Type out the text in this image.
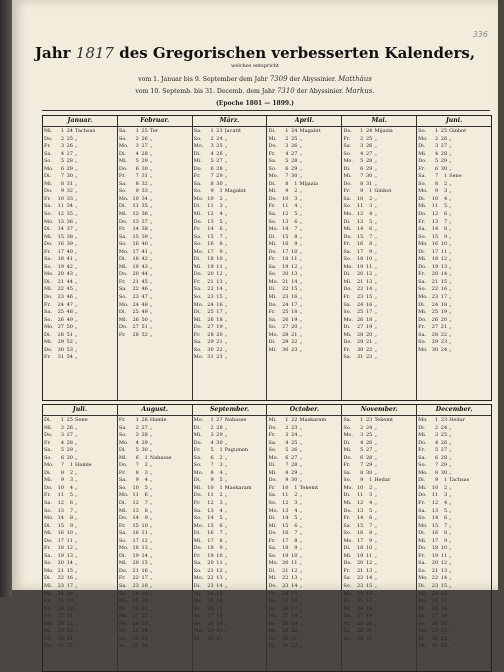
336
Jahr 1817 des Gregorischen verbesserten Kalenders,
welches entspricht
vom 1. Januar bis 9. September dem Jahr 7309 der Abyssinier. Matthäus
vom 10. Septemb. bis 31. Decemb. dem Jahr 7310 der Abyssinier. Markus.
(Epoche 1801 — 1899.)
Januar.
Mi.	1 24 Tachsas
Do.	2 25 „
Fr.	3 26 „
Sa.	4 27 „
So.	5 28 „
Mo.	6 29 „
Di.	7 30 „
Mi.	8 31 „
Do.	9 32 „
Fr.	10 33 „
Sa.	11 34 „
So.	12 35 „
Mo. 13 36 „
Di.	14 37 „
Mi.	15 38 „
Do.	16 39 „
Fr.	17 40 „
Sa.	18 41 „
So.	19 42 „
Mo. 20 43 „
Di.	21 44 „
Mi.	22 45 „
Do.	23 46 „
Fr.	24 47 „
Sa.	25 48 „
So.	26 49 „
Mo. 27 50 „
Di.	28 51 „
Mi.	29 52 „
Do.	30 53 „
Fr.	31 54 „
Februar.
Sa.	1 25 Ter
So.	2 26 „
Mo.	3 27 „
Di.	4 28 „
Mi.	5 29 „
Do.	6 30 „
Fr.	7 31 „
Sa.	8 32 „
So.	9 33 „
Mo. 10 34 „
Di.	11 35 „
Mi.	12 36 „
Do.	13 37 „
Fr.	14 38 „
Sa.	15 39 „
So.	16 40 „
Mo. 17 41 „
Di.	18 42 „
Mi.	19 43 „
Do.	20 44 „
Fr.	21 45 „
Sa.	22 46 „
So.	23 47 „
Mo. 24 48 „
Di.	25 49 „
Mi.	26 50 „
Do.	27 51 „
Fr.	28 52 „
März.
Sa.	1 23 Jacatit
So.	2 24 „
Mo.	3 25 „
Di.	4 26 „
Mi.	5 27 „
Do.	6 28 „
Fr.	7 29 „
Sa.	8 30 „
So.	9	1 Magabit
Mo. 10	2 „
Di.	11	3 „
Mi.	12	4 „
Do.	13	5 „
Fr.	14	6 „
Sa.	15	7 „
So.	16	8 „
Mo. 17	9 „
Di.	18 10 „
Mi.	19 11 „
Do.	20 12 „
Fr.	21 13 „
Sa.	22 14 „
So.	23 15 „
Mo. 24 16 „
Di.	25 17 „
Mi.	26 18 „
Do.	27 19 „
Fr.	28 20 „
Sa.	29 21 „
So.	30 22 „
Mo. 31 23 „
April.
Di.	1 24 Magabit
Mi.	2 25 „
Do.	3 26 „
Fr.	4 27 „
Sa.	5 28 „
So.	6 29 „
Mo.	7 30 „
Di.	8	1 Mijazia
Mi.	9	2 „
Do.	10	3 „
Fr.	11	4 „
Sa.	12	5 „
So.	13	6 „
Mo. 14	7 „
Di.	15	8 „
Mi.	16	9 „
Do.	17 10 „
Fr.	18 11 „
Sa.	19 12 „
So.	20 13 „
Mo. 21 14 „
Di.	22 15 „
Mi.	23 16 „
Do.	24 17 „
Fr.	25 18 „
Sa.	26 19 „
So.	27 20 „
Mo. 28 21 „
Di.	29 22 „
Mi.	30 23 „
Mai.
Do.	1 24 Mijazia
Fr.	2 25 „
Sa.	3 26 „
So.	4 27 „
Mo.	5 28 „
Di.	6 29 „
Mi.	7 30 „
Do.	8 31 „
Fr.	9	1 Ginbot
Sa.	10	2 „
So.	11	3 „
Mo. 12	4 „
Di.	13	5 „
Mi.	14	6 „
Do.	15	7 „
Fr.	16	8 „
Sa.	17	9 „
So.	18 10 „
Mo. 19 11 „
Di.	20 12 „
Mi.	21 13 „
Do.	22 14 „
Fr.	23 15 „
Sa.	24 16 „
So.	25 17 „
Mo. 26 18 „
Di.	27 19 „
Mi.	28 20 „
Do.	29 21 „
Fr.	30 22 „
Sa.	31 23 „
Juni.
So.	1 25 Ginbot
Mo.	2 26 „
Di.	3 27 „
Mi.	4 28 „
Do.	5 29 „
Fr.	6 30 „
Sa.	7	1 Sene
So.	8	2 „
Mo.	9	3 „
Di.	10	4 „
Mi.	11	5 „
Do.	12	6 „
Fr.	13	7 „
Sa.	14	8 „
So.	15	9 „
Mo. 16 10 „
Di.	17 11 „
Mi.	18 12 „
Do.	19 13 „
Fr.	20 14 „
Sa.	21 15 „
So.	22 16 „
Mo. 23 17 „
Di.	24 18 „
Mi.	25 19 „
Do.	26 20 „
Fr.	27 21 „
Sa.	28 22 „
So.	29 23 „
Mo. 30 24 „
Juli.
Di.	1 25 Sene
Mi.	2 26 „
Do.	3 27 „
Fr.	4 28 „
Sa.	5 29 „
So.	6 30 „
Mo.	7	1 Hamle
Di.	8	2 „
Mi.	9	3 „
Do.	10	4 „
Fr.	11	5 „
Sa.	12	6 „
So.	13	7 „
Mo. 14	8 „
Di.	15	9 „
Mi.	16 10 „
Do.	17 11 „
Fr.	18 12 „
Sa.	19 13 „
So.	20 14 „
Mo. 21 15 „
Di.	22 16 „
Mi.	23 17 „
Do.	24 18 „
Fr.	25 19 „
Sa.	26 20 „
So.	27 21 „
Mo. 28 22 „
Di.	29 23 „
Mi.	30 24 „
Do.	31 25 „
August.
Fr.	1 26 Hamle
Sa.	2 27 „
So.	3 28 „
Mo.	4 29 „
Di.	5 30 „
Mi.	6	1 Nahasse
Do.	7	2 „
Fr.	8	3 „
Sa.	9	4 „
So.	10	5 „
Mo. 11	6 „
Di.	12	7 „
Mi.	13	8 „
Do.	14	9 „
Fr.	15 10 „
Sa.	16 11 „
So.	17 12 „
Mo. 18 13 „
Di.	19 14 „
Mi.	20 15 „
Do.	21 16 „
Fr.	22 17 „
Sa.	23 18 „
So.	24 19 „
Mo. 25 20 „
Di.	26 21 „
Mi.	27 22 „
Do.	28 23 „
Fr.	29 24 „
Sa.	30 25 „
So.	31 26 „
September.
Mo.	1 27 Nahasse
Di.	2 28 „
Mi.	3 29 „
Do.	4 30 „
Fr.	5	1 Pagumen
Sa.	6	2 „
So.	7	3 „
Mo.	8	4 „
Di.	9	5 „
Mi.	10	1 Maskaram
Do.	11	2 „
Fr.	12	3 „
Sa.	13	4 „
So.	14	5 „
Mo. 15	6 „
Di.	16	7 „
Mi.	17	8 „
Do.	18	9 „
Fr.	19 10 „
Sa.	20 11 „
So.	21 12 „
Mo. 22 13 „
Di.	23 14 „
Mi.	24 15 „
Do.	25 16 „
Fr.	26 17 „
Sa.	27 18 „
So.	28 19 „
Mo. 29 20 „
Di.	30 21 „
October.
Mi.	1 22 Maskaram
Do.	2 23 „
Fr.	3 24 „
Sa.	4 25 „
So.	5 26 „
Mo.	6 27 „
Di.	7 28 „
Mi.	8 29 „
Do.	9 30 „
Fr.	10	1 Tekemt
Sa.	11	2 „
So.	12	3 „
Mo. 13	4 „
Di.	14	5 „
Mi.	15	6 „
Do.	16	7 „
Fr.	17	8 „
Sa.	18	9 „
So.	19 10 „
Mo. 20 11 „
Di.	21 12 „
Mi.	22 13 „
Do.	23 14 „
Fr.	24 15 „
Sa.	25 16 „
So.	26 17 „
Mo. 27 18 „
Di.	28 19 „
Mi.	29 20 „
Do.	30 21 „
Fr.	31 22 „
November.
Sa.	1 23 Tekemt
So.	2 24 „
Mo.	3 25 „
Di.	4 26 „
Mi.	5 27 „
Do.	6 28 „
Fr.	7 29 „
Sa.	8 30 „
So.	9	1 Hedar
Mo. 10	2 „
Di.	11	3 „
Mi.	12	4 „
Do.	13	5 „
Fr.	14	6 „
Sa.	15	7 „
So.	16	8 „
Mo. 17	9 „
Di.	18 10 „
Mi.	19 11 „
Do.	20 12 „
Fr.	21 13 „
Sa.	22 14 „
So.	23 15 „
Mo. 24 16 „
Di.	25 17 „
Mi.	26 18 „
Do.	27 19 „
Fr.	28 20 „
Sa.	29 21 „
So.	30 22 „
December.
Mo.	1 23 Hedar
Di.	2 24 „
Mi.	3 25 „
Do.	4 26 „
Fr.	5 27 „
Sa.	6 28 „
So.	7 29 „
Mo.	8 30 „
Di.	9	1 Tachsas
Mi.	10	2 „
Do.	11	3 „
Fr.	12	4 „
Sa.	13	5 „
So.	14	6 „
Mo. 15	7 „
Di.	16	8 „
Mi.	17	9 „
Do.	18 10 „
Fr.	19 11 „
Sa.	20 12 „
So.	21 13 „
Mo. 22 14 „
Di.	23 15 „
Mi.	24 16 „
Do.	25 17 „
Fr.	26 18 „
Sa.	27 19 „
So.	28 20 „
Mo. 29 21 „
Di.	30 22 „
Mi.	31 23 „
